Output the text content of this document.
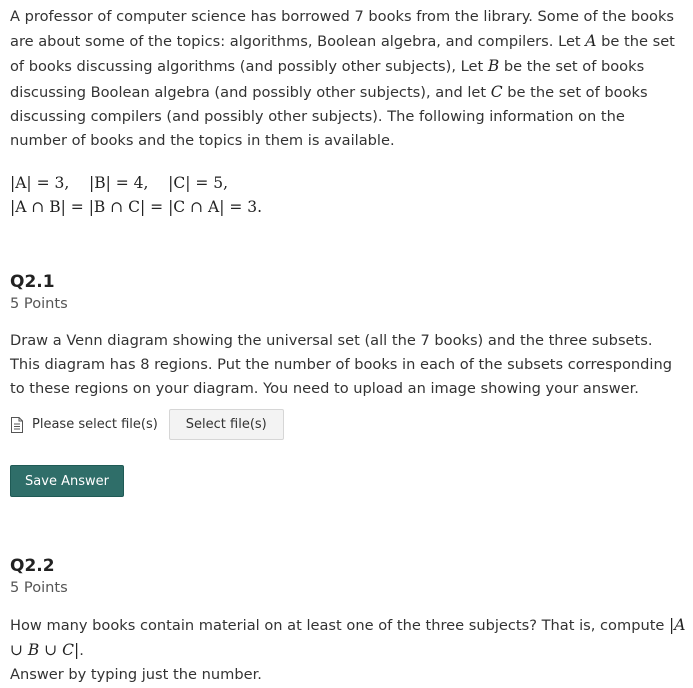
A professor of computer science has borrowed 7 books from the library. Some of the books are about some of the topics: algorithms, Boolean algebra, and compilers. Let A be the set of books discussing algorithms (and possibly other subjects), Let B be the set of books discussing Boolean algebra (and possibly other subjects), and let C be the set of books discussing compilers (and possibly other subjects). The following information on the number of books and the topics in them is available.

|A| = 3,    |B| = 4,    |C| = 5,
|A ∩ B| = |B ∩ C| = |C ∩ A| = 3.
Q2.1
5 Points

Draw a Venn diagram showing the universal set (all the 7 books) and the three subsets. This diagram has 8 regions. Put the number of books in each of the subsets corresponding to these regions on your diagram. You need to upload an image showing your answer.

Please select file(s)	Select file(s)
Save Answer
Q2.2
5 Points

How many books contain material on at least one of the three subjects? That is, compute |A ∪ B ∪ C|.
Answer by typing just the number.
